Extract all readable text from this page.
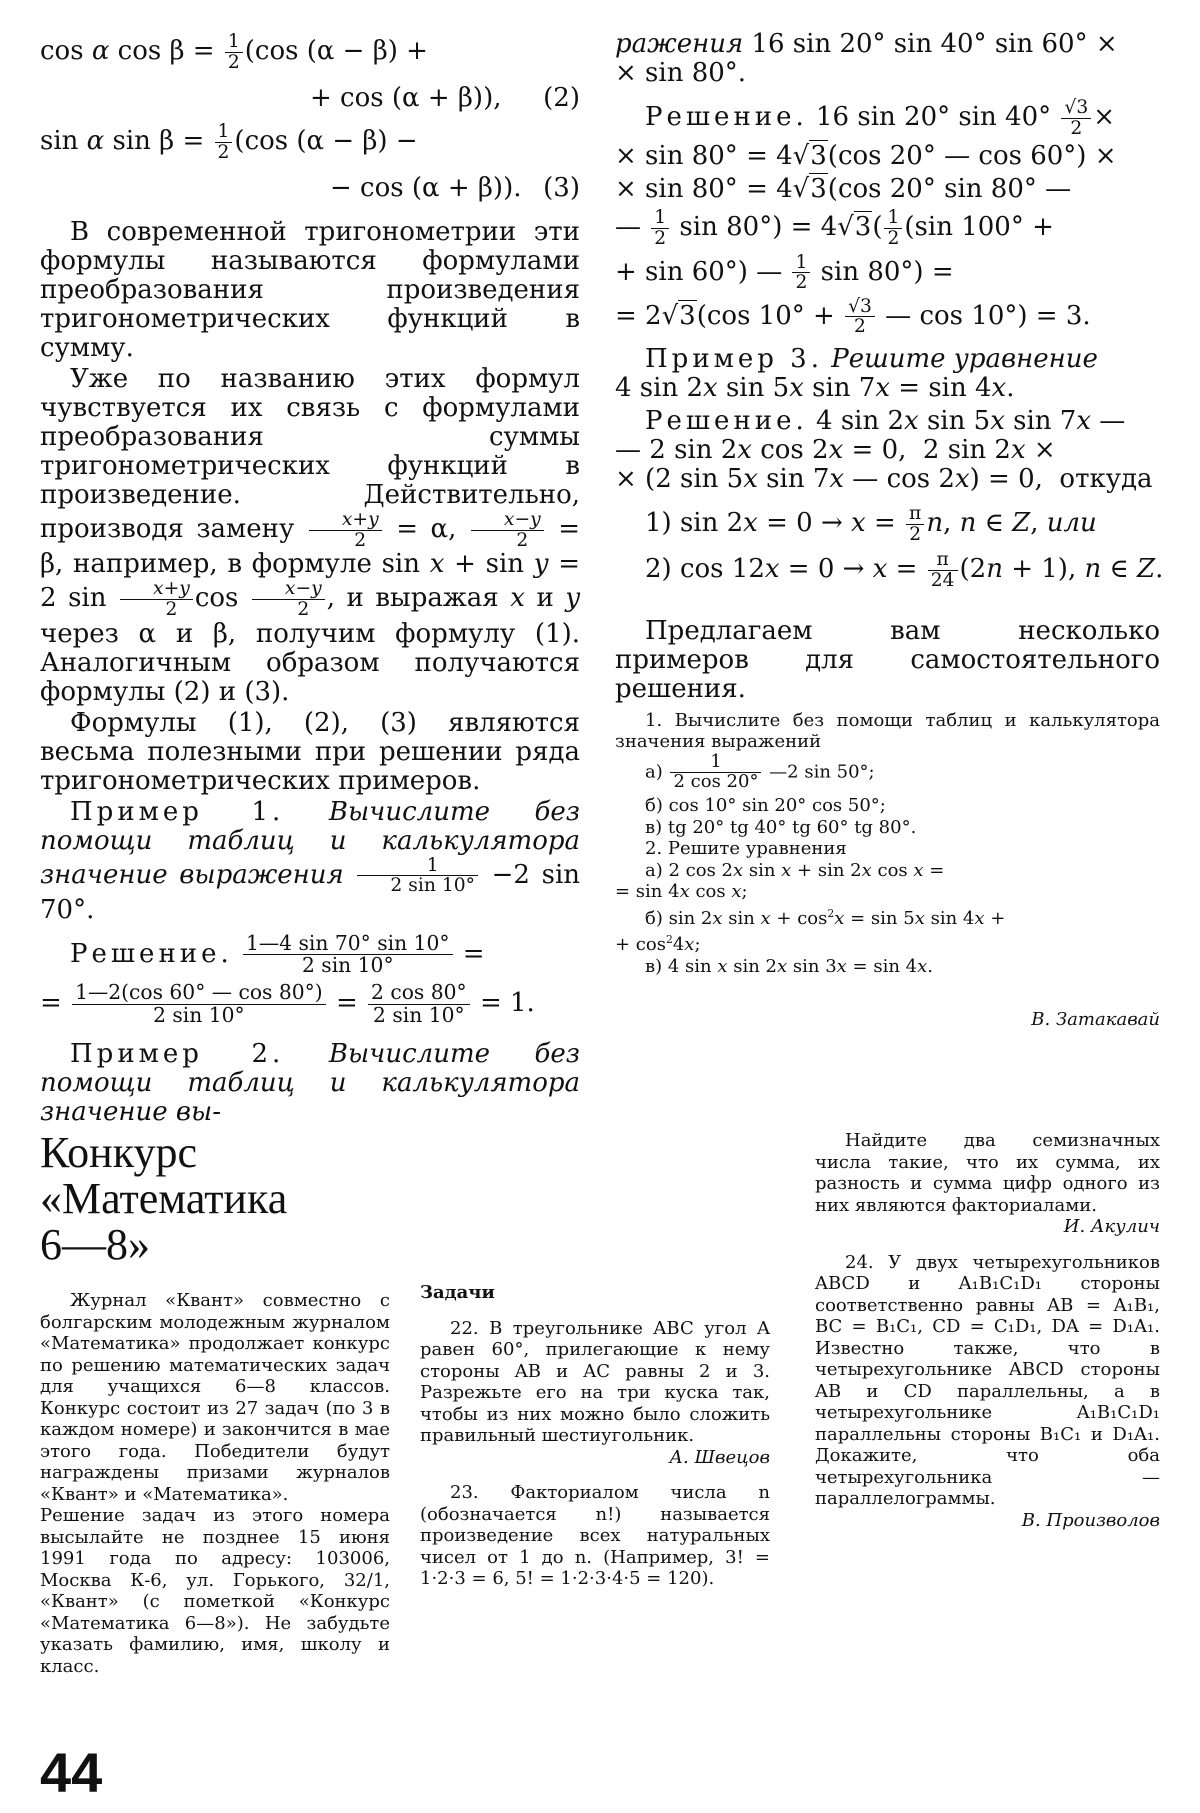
cos α $\cos \beta = \frac{1}{2} (\cos$ (α − β) +
+ cos (α + β)), (2)
sin α $\sin \beta = \frac{1}{2} (\cos$ (α − β) −
− cos (α + β)). (3)

В современной тригонометрии эти формулы называются формулами преобразования произведения тригонометрических функций в сумму.

Уже по названию этих формул чувствуется их связь с формулами преобразования суммы тригонометрических функций в произведение. Действительно, производя замену $\frac{x+y}{2} = \alpha$, $\frac{x-y}{2} = \beta$, например, в формуле sin x + sin y = 2 $\sin \frac{x+y}{2}$ $\cos \frac{x-y}{2}$ , и выражая x и y через α и β, получим формулу (1). Аналогичным образом получаются формулы (2) и (3).

Формулы (1), (2), (3) являются весьма полезными при решении ряда тригонометрических примеров.

Пример 1. Вычислите без помощи таблиц и калькулятора значение выражения $\frac{1}{2 \sin 10^\circ} -2$ sin 70°.

Решение. $\frac{1—4 \sin 70^\circ \sin 10^\circ}{2 \sin 10^\circ}$ =
= $\frac{1—2(\cos 60^\circ — \cos 80^\circ)}{2 \sin 10^\circ} = \frac{2 \cos 80^\circ}{2 \sin 10^\circ} = 1$.

Пример 2. Вычислите без помощи таблиц и калькулятора значение вы-

ражения 16 sin 20° sin 40° sin 60° ×
× sin 80°.

Решение. 16 sin 20° $\sin 40^\circ \frac{√3}{2}$ ×
× sin 80° = 4√3(cos 20° — cos 60°) ×
× sin 80° = 4√3(cos 20° sin 80° —
— $\frac{1}{2}$ $\sin 80^\circ) = 4√3( \frac{1}{2} (\sin$ 100° +
+ sin 60°) — $\frac{1}{2}$ sin 80°) =
= 2√3(cos $10^\circ + \frac{√3}{2}$ — cos 10°) = 3.

Пример 3. Решите уравнение
4 sin 2x sin 5x sin 7x = sin 4x.

Решение. 4 sin 2x sin 5x sin 7x —
— 2 sin 2x cos 2x = 0,  2 sin 2x ×
× (2 sin 5x sin 7x — cos 2x) = 0,  откуда
1) $\sin 2x = 0 \to x = \frac{\pi}{2} n$, n ∈ Z, или
2) $\cos 12x = 0 \to x = \frac{\pi}{24} (2n + 1)$, n ∈ Z.

Предлагаем вам несколько примеров для самостоятельного решения.

1. Вычислите без помощи таблиц и калькулятора значения выражений

$а) \frac{1}{2 \cos 20^\circ}$ —2 sin 50°;
б) cos 10° sin 20° cos 50°;
в) tg 20° tg 40° tg 60° tg 80°.

2. Решите уравнения

а) 2 cos 2x sin x + sin 2x cos x =
= sin 4x cos x;
б) sin 2x $\sin x + \cos^2x = \sin 5x$ sin 4x +
+ $\cos^24x$;
в) 4 sin x sin 2x sin 3x = sin 4x.
В. Затакавай
Конкурс
«Математика
6—8»

Журнал «Квант» совместно с болгарским молодежным журналом «Математика» продолжает конкурс по решению математических задач для учащихся 6—8 классов. Конкурс состоит из 27 задач (по 3 в каждом номере) и закончится в мае этого года. Победители будут награждены призами журналов «Квант» и «Математика».

Решение задач из этого номера высылайте не позднее 15 июня 1991 года по адресу: 103006, Москва К-6, ул. Горького, 32/1, «Квант» (с пометкой «Конкурс «Математика 6—8»). Не забудьте указать фамилию, имя, школу и класс.

Задачи

22. В треугольнике ABC угол A равен 60°, прилегающие к нему стороны AB и AC равны 2 и 3. Разрежьте его на три куска так, чтобы из них можно было сложить правильный шестиугольник.

А. Швецов

23. Факториалом числа n (обозначается n!) называется произведение всех натуральных чисел от 1 до n. (Например, 3! = 1·2·3 = 6, 5! = 1·2·3·4·5 = 120).

Найдите два семизначных числа такие, что их сумма, их разность и сумма цифр одного из них являются факториалами.

И. Акулич

24. У двух четырехугольников ABCD и A₁B₁C₁D₁ стороны соответственно равны AB = A₁B₁, BC = B₁C₁, CD = C₁D₁, DA = D₁A₁. Известно также, что в четырехугольнике ABCD стороны AB и CD параллельны, а в четырехугольнике A₁B₁C₁D₁ параллельны стороны B₁C₁ и D₁A₁. Докажите, что оба четырехугольника — параллелограммы.

В. Произволов
44
